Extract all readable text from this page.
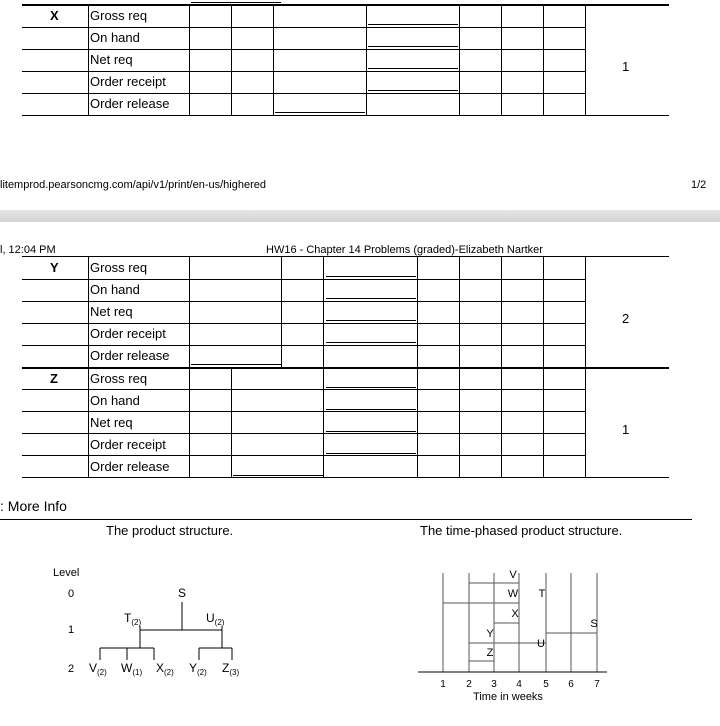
X Gross req
On hand
Net req
Order receipt
Order release
1
litemprod.pearsoncmg.com/api/v1/print/en-us/highered	1/2
l, 12:04 PM	HW16 - Chapter 14 Problems (graded)-Elizabeth Nartker
Y Gross req
On hand
Net req
Order receipt
Order release
2
Z Gross req
On hand
Net req
Order receipt
Order release
1
: More Info
The product structure.	The time-phased product structure.
Level
0
1
2
S
$T_{(2)}$	$U_{(2)}$
$V_{(2)}$ $W_{(1)}$ $X_{(2)}$ $Y_{(2)}$ $Z_{(3)}$
V
W
X
T
Y
U
S
Z
1 2 3 4 5 6 7
Time in weeks
